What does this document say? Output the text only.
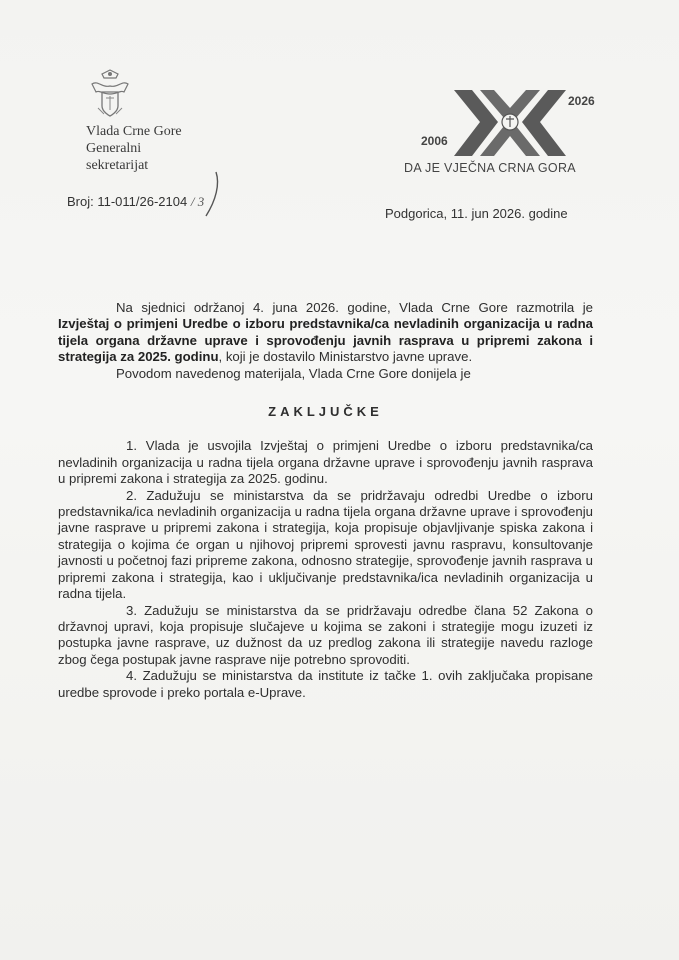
Vlada Crne Gore
Generalni
sekretarijat
2006
2026
DA JE VJEČNA CRNA GORA
Broj: 11-011/26-2104 / 3
Podgorica, 11. jun 2026. godine

Na sjednici održanoj 4. juna 2026. godine, Vlada Crne Gore razmotrila je Izvještaj o primjeni Uredbe o izboru predstavnika/ca nevladinih organizacija u radna tijela organa državne uprave i sprovođenju javnih rasprava u pripremi zakona i strategija za 2025. godinu, koji je dostavilo Ministarstvo javne uprave.

Povodom navedenog materijala, Vlada Crne Gore donijela je

ZAKLJUČKE

1. Vlada je usvojila Izvještaj o primjeni Uredbe o izboru predstavnika/ca nevladinih organizacija u radna tijela organa državne uprave i sprovođenju javnih rasprava u pripremi zakona i strategija za 2025. godinu.

2. Zadužuju se ministarstva da se pridržavaju odredbi Uredbe o izboru predstavnika/ica nevladinih organizacija u radna tijela organa državne uprave i sprovođenju javne rasprave u pripremi zakona i strategija, koja propisuje objavljivanje spiska zakona i strategija o kojima će organ u njihovoj pripremi sprovesti javnu raspravu, konsultovanje javnosti u početnoj fazi pripreme zakona, odnosno strategije, sprovođenje javnih rasprava u pripremi zakona i strategija, kao i uključivanje predstavnika/ica nevladinih organizacija u radna tijela.

3. Zadužuju se ministarstva da se pridržavaju odredbe člana 52 Zakona o državnoj upravi, koja propisuje slučajeve u kojima se zakoni i strategije mogu izuzeti iz postupka javne rasprave, uz dužnost da uz predlog zakona ili strategije navedu razloge zbog čega postupak javne rasprave nije potrebno sprovoditi.

4. Zadužuju se ministarstva da institute iz tačke 1. ovih zaključaka propisane uredbe sprovode i preko portala e-Uprave.
